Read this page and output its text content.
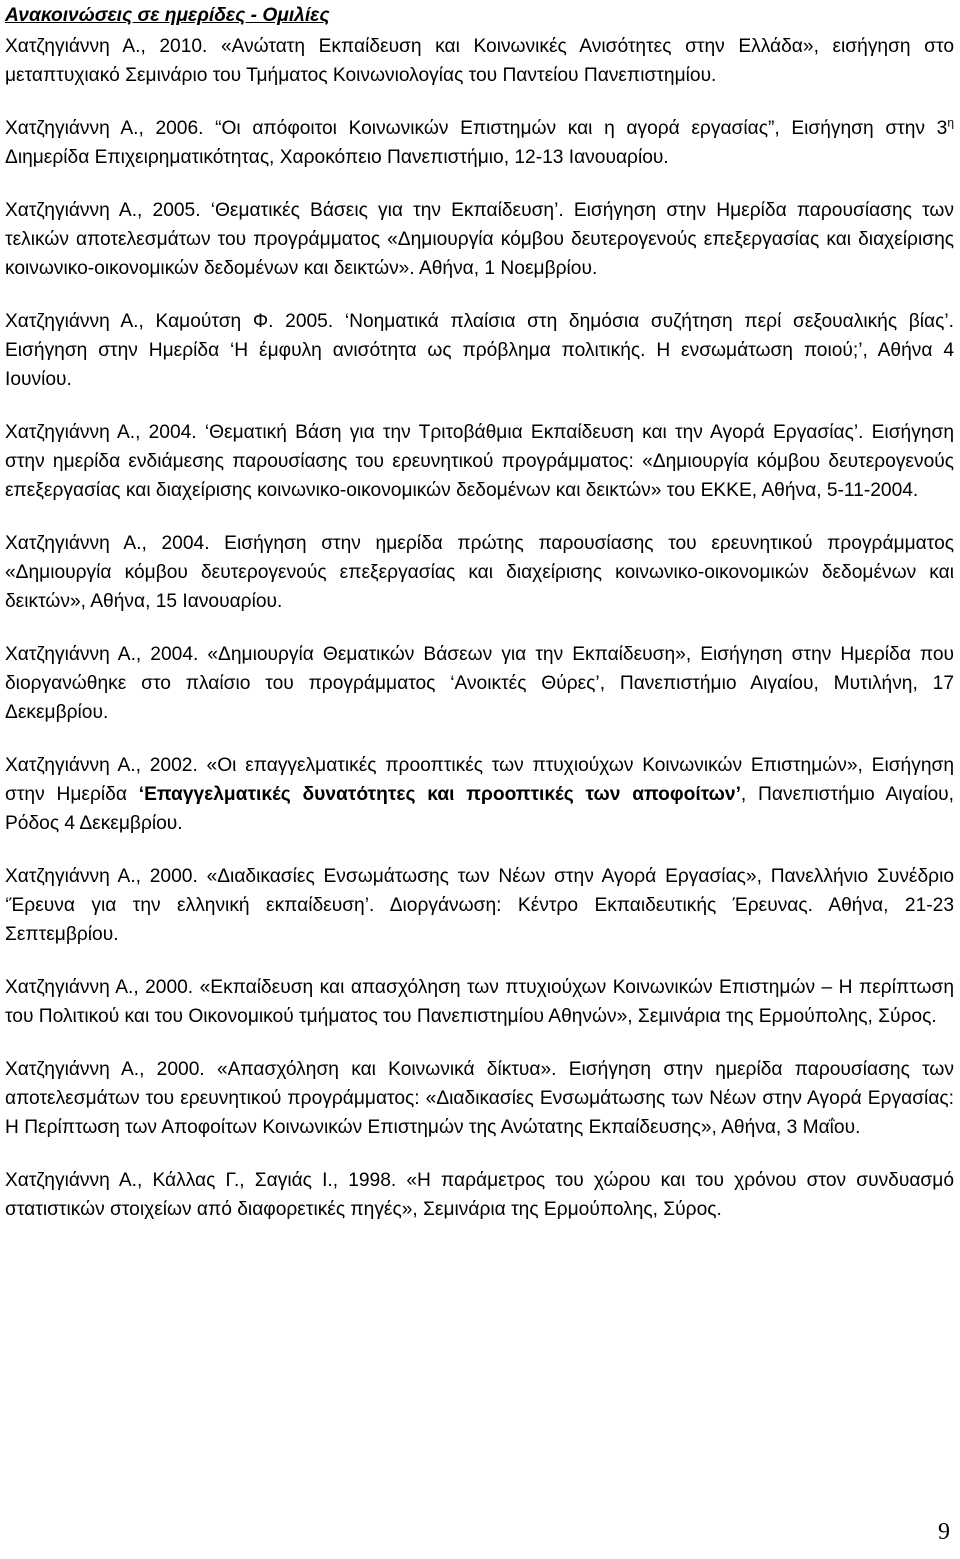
Ανακοινώσεις σε ημερίδες - Ομιλίες

Χατζηγιάννη Α., 2010. «Ανώτατη Εκπαίδευση και Κοινωνικές Ανισότητες στην Ελλάδα», εισήγηση στο μεταπτυχιακό Σεμινάριο του Τμήματος Κοινωνιολογίας του Παντείου Πανεπιστημίου.

Χατζηγιάννη Α., 2006. “Οι απόφοιτοι Κοινωνικών Επιστημών και η αγορά εργασίας”, Εισήγηση στην $3^\eta$ Διημερίδα Επιχειρηματικότητας, Χαροκόπειο Πανεπιστήμιο, 12-13 Ιανουαρίου.

Χατζηγιάννη Α., 2005. ‘Θεματικές Βάσεις για την Εκπαίδευση’. Εισήγηση στην Ημερίδα παρουσίασης των τελικών αποτελεσμάτων του προγράμματος «Δημιουργία κόμβου δευτερογενούς επεξεργασίας και διαχείρισης κοινωνικο-οικονομικών δεδομένων και δεικτών». Αθήνα, 1 Νοεμβρίου.

Χατζηγιάννη Α., Καμούτση Φ. 2005. ‘Νοηματικά πλαίσια στη δημόσια συζήτηση περί σεξουαλικής βίας’. Εισήγηση στην Ημερίδα ‘Η έμφυλη ανισότητα ως πρόβλημα πολιτικής. Η ενσωμάτωση ποιού;’, Αθήνα 4 Ιουνίου.

Χατζηγιάννη Α., 2004. ‘Θεματική Βάση για την Τριτοβάθμια Εκπαίδευση και την Αγορά Εργασίας’. Εισήγηση στην ημερίδα ενδιάμεσης παρουσίασης του ερευνητικού προγράμματος: «Δημιουργία κόμβου δευτερογενούς επεξεργασίας και διαχείρισης κοινωνικο-οικονομικών δεδομένων και δεικτών» του ΕΚΚΕ, Αθήνα, 5-11-2004.

Χατζηγιάννη Α., 2004. Εισήγηση στην ημερίδα πρώτης παρουσίασης του ερευνητικού προγράμματος «Δημιουργία κόμβου δευτερογενούς επεξεργασίας και διαχείρισης κοινωνικο-οικονομικών δεδομένων και δεικτών», Αθήνα, 15 Ιανουαρίου.

Χατζηγιάννη Α., 2004. «Δημιουργία Θεματικών Βάσεων για την Εκπαίδευση», Εισήγηση στην Ημερίδα που διοργανώθηκε στο πλαίσιο του προγράμματος ‘Ανοικτές Θύρες’, Πανεπιστήμιο Αιγαίου, Μυτιλήνη, 17 Δεκεμβρίου.

Χατζηγιάννη Α., 2002. «Οι επαγγελματικές προοπτικές των πτυχιούχων Κοινωνικών Επιστημών», Εισήγηση στην Ημερίδα ‘Επαγγελματικές δυνατότητες και προοπτικές των αποφοίτων’, Πανεπιστήμιο Αιγαίου, Ρόδος 4 Δεκεμβρίου.

Χατζηγιάννη Α., 2000. «Διαδικασίες Ενσωμάτωσης των Νέων στην Αγορά Εργασίας», Πανελλήνιο Συνέδριο ‘Έρευνα για την ελληνική εκπαίδευση’. Διοργάνωση: Κέντρο Εκπαιδευτικής Έρευνας. Αθήνα, 21-23 Σεπτεμβρίου.

Χατζηγιάννη Α., 2000. «Εκπαίδευση και απασχόληση των πτυχιούχων Κοινωνικών Επιστημών – Η περίπτωση του Πολιτικού και του Οικονομικού τμήματος του Πανεπιστημίου Αθηνών», Σεμινάρια της Ερμούπολης, Σύρος.

Χατζηγιάννη Α., 2000. «Απασχόληση και Κοινωνικά δίκτυα». Εισήγηση στην ημερίδα παρουσίασης των αποτελεσμάτων του ερευνητικού προγράμματος: «Διαδικασίες Ενσωμάτωσης των Νέων στην Αγορά Εργασίας: Η Περίπτωση των Αποφοίτων Κοινωνικών Επιστημών της Ανώτατης Εκπαίδευσης», Αθήνα, 3 Μαΐου.

Χατζηγιάννη Α., Κάλλας Γ., Σαγιάς Ι., 1998. «Η παράμετρος του χώρου και του χρόνου στον συνδυασμό στατιστικών στοιχείων από διαφορετικές πηγές», Σεμινάρια της Ερμούπολης, Σύρος.

9
